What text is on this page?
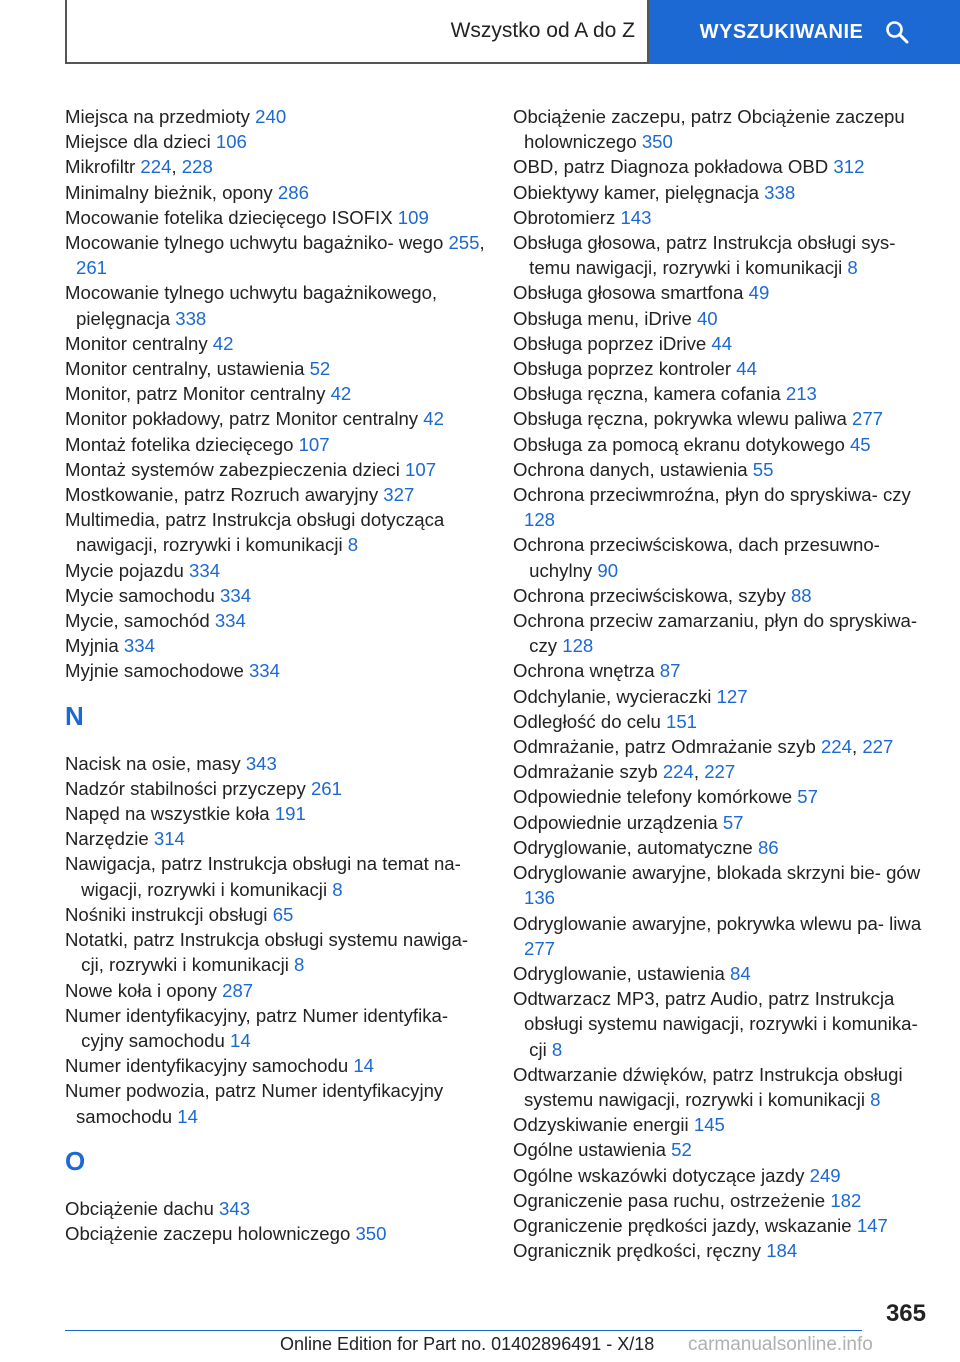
Wszystko od A do Z	WYSZUKIWANIE
Miejsca na przedmioty 240
Miejsce dla dzieci 106
Mikrofiltr 224, 228
Minimalny bieżnik, opony 286
Mocowanie fotelika dziecięcego ISOFIX 109
Mocowanie tylnego uchwytu bagażniko- wego 255, 261
Mocowanie tylnego uchwytu bagażnikowego, pielęgnacja 338
Monitor centralny 42
Monitor centralny, ustawienia 52
Monitor, patrz Monitor centralny 42
Monitor pokładowy, patrz Monitor centralny 42
Montaż fotelika dziecięcego 107
Montaż systemów zabezpieczenia dzieci 107
Mostkowanie, patrz Rozruch awaryjny 327
Multimedia, patrz Instrukcja obsługi dotycząca nawigacji, rozrywki i komunikacji 8
Mycie pojazdu 334
Mycie samochodu 334
Mycie, samochód 334
Myjnia 334
Myjnie samochodowe 334
N
Nacisk na osie, masy 343
Nadzór stabilności przyczepy 261
Napęd na wszystkie koła 191
Narzędzie 314
Nawigacja, patrz Instrukcja obsługi na temat na- wigacji, rozrywki i komunikacji 8
Nośniki instrukcji obsługi 65
Notatki, patrz Instrukcja obsługi systemu nawiga- cji, rozrywki i komunikacji 8
Nowe koła i opony 287
Numer identyfikacyjny, patrz Numer identyfika- cyjny samochodu 14
Numer identyfikacyjny samochodu 14
Numer podwozia, patrz Numer identyfikacyjny samochodu 14
O
Obciążenie dachu 343
Obciążenie zaczepu holowniczego 350
Obciążenie zaczepu, patrz Obciążenie zaczepu holowniczego 350
OBD, patrz Diagnoza pokładowa OBD 312
Obiektywy kamer, pielęgnacja 338
Obrotomierz 143
Obsługa głosowa, patrz Instrukcja obsługi sys- temu nawigacji, rozrywki i komunikacji 8
Obsługa głosowa smartfona 49
Obsługa menu, iDrive 40
Obsługa poprzez iDrive 44
Obsługa poprzez kontroler 44
Obsługa ręczna, kamera cofania 213
Obsługa ręczna, pokrywka wlewu paliwa 277
Obsługa za pomocą ekranu dotykowego 45
Ochrona danych, ustawienia 55
Ochrona przeciwmroźna, płyn do spryskiwa- czy 128
Ochrona przeciwściskowa, dach przesuwno- uchylny 90
Ochrona przeciwściskowa, szyby 88
Ochrona przeciw zamarzaniu, płyn do spryskiwa- czy 128
Ochrona wnętrza 87
Odchylanie, wycieraczki 127
Odległość do celu 151
Odmrażanie, patrz Odmrażanie szyb 224, 227
Odmrażanie szyb 224, 227
Odpowiednie telefony komórkowe 57
Odpowiednie urządzenia 57
Odryglowanie, automatyczne 86
Odryglowanie awaryjne, blokada skrzyni bie- gów 136
Odryglowanie awaryjne, pokrywka wlewu pa- liwa 277
Odryglowanie, ustawienia 84
Odtwarzacz MP3, patrz Audio, patrz Instrukcja obsługi systemu nawigacji, rozrywki i komunika- cji 8
Odtwarzanie dźwięków, patrz Instrukcja obsługi systemu nawigacji, rozrywki i komunikacji 8
Odzyskiwanie energii 145
Ogólne ustawienia 52
Ogólne wskazówki dotyczące jazdy 249
Ograniczenie pasa ruchu, ostrzeżenie 182
Ograniczenie prędkości jazdy, wskazanie 147
Ogranicznik prędkości, ręczny 184
365
Online Edition for Part no. 01402896491 - X/18 carmanualsonline.info
